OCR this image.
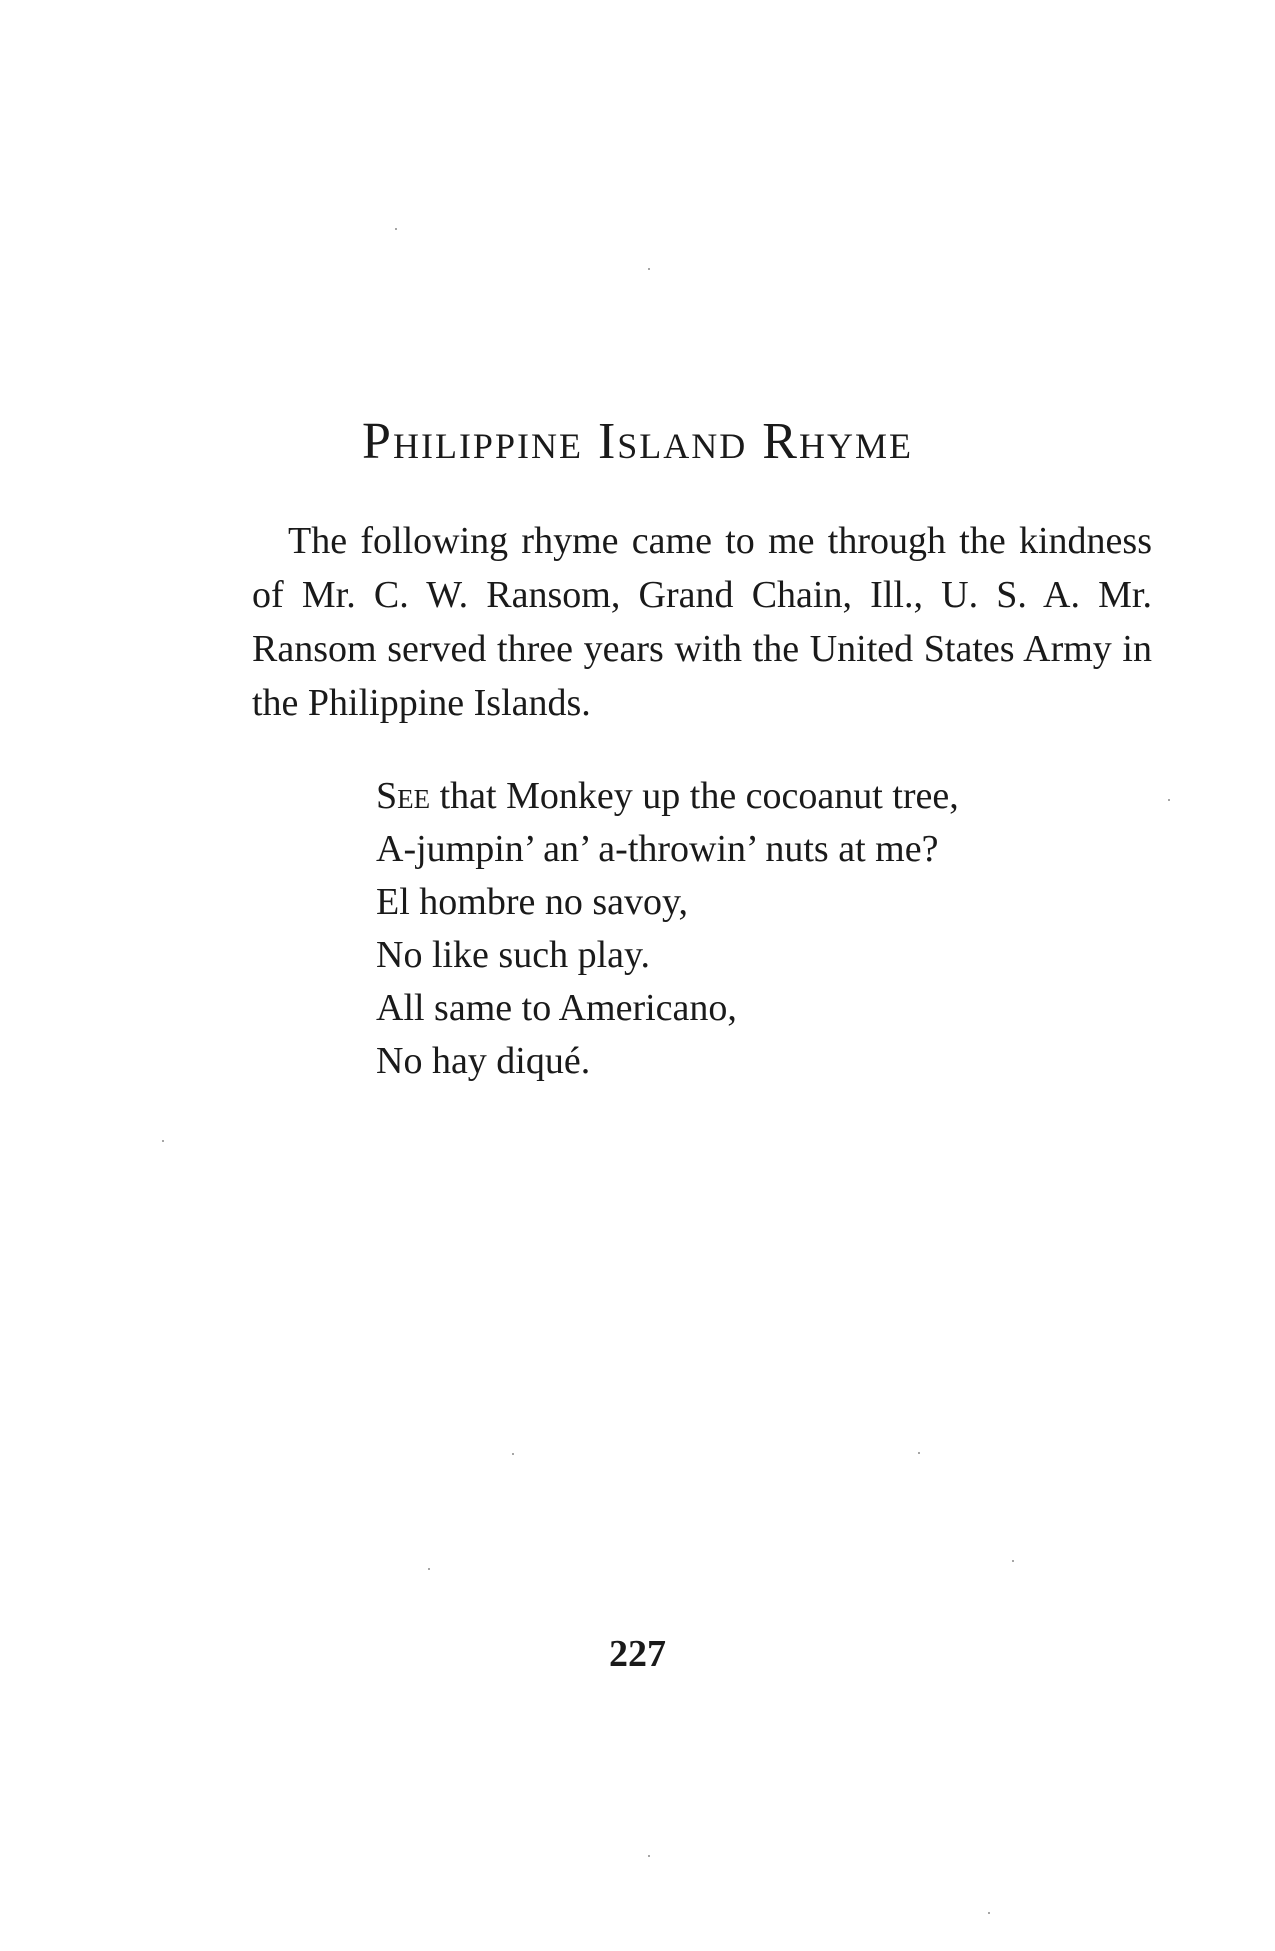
Philippine Island Rhyme

The following rhyme came to me through the kindness of Mr. C. W. Ransom, Grand Chain, Ill., U. S. A. Mr. Ransom served three years with the United States Army in the Philippine Islands.

See that Monkey up the cocoanut tree,
A-jumpin’ an’ a-throwin’ nuts at me?
El hombre no savoy,
No like such play.
All same to Americano,
No hay diqué.
227
